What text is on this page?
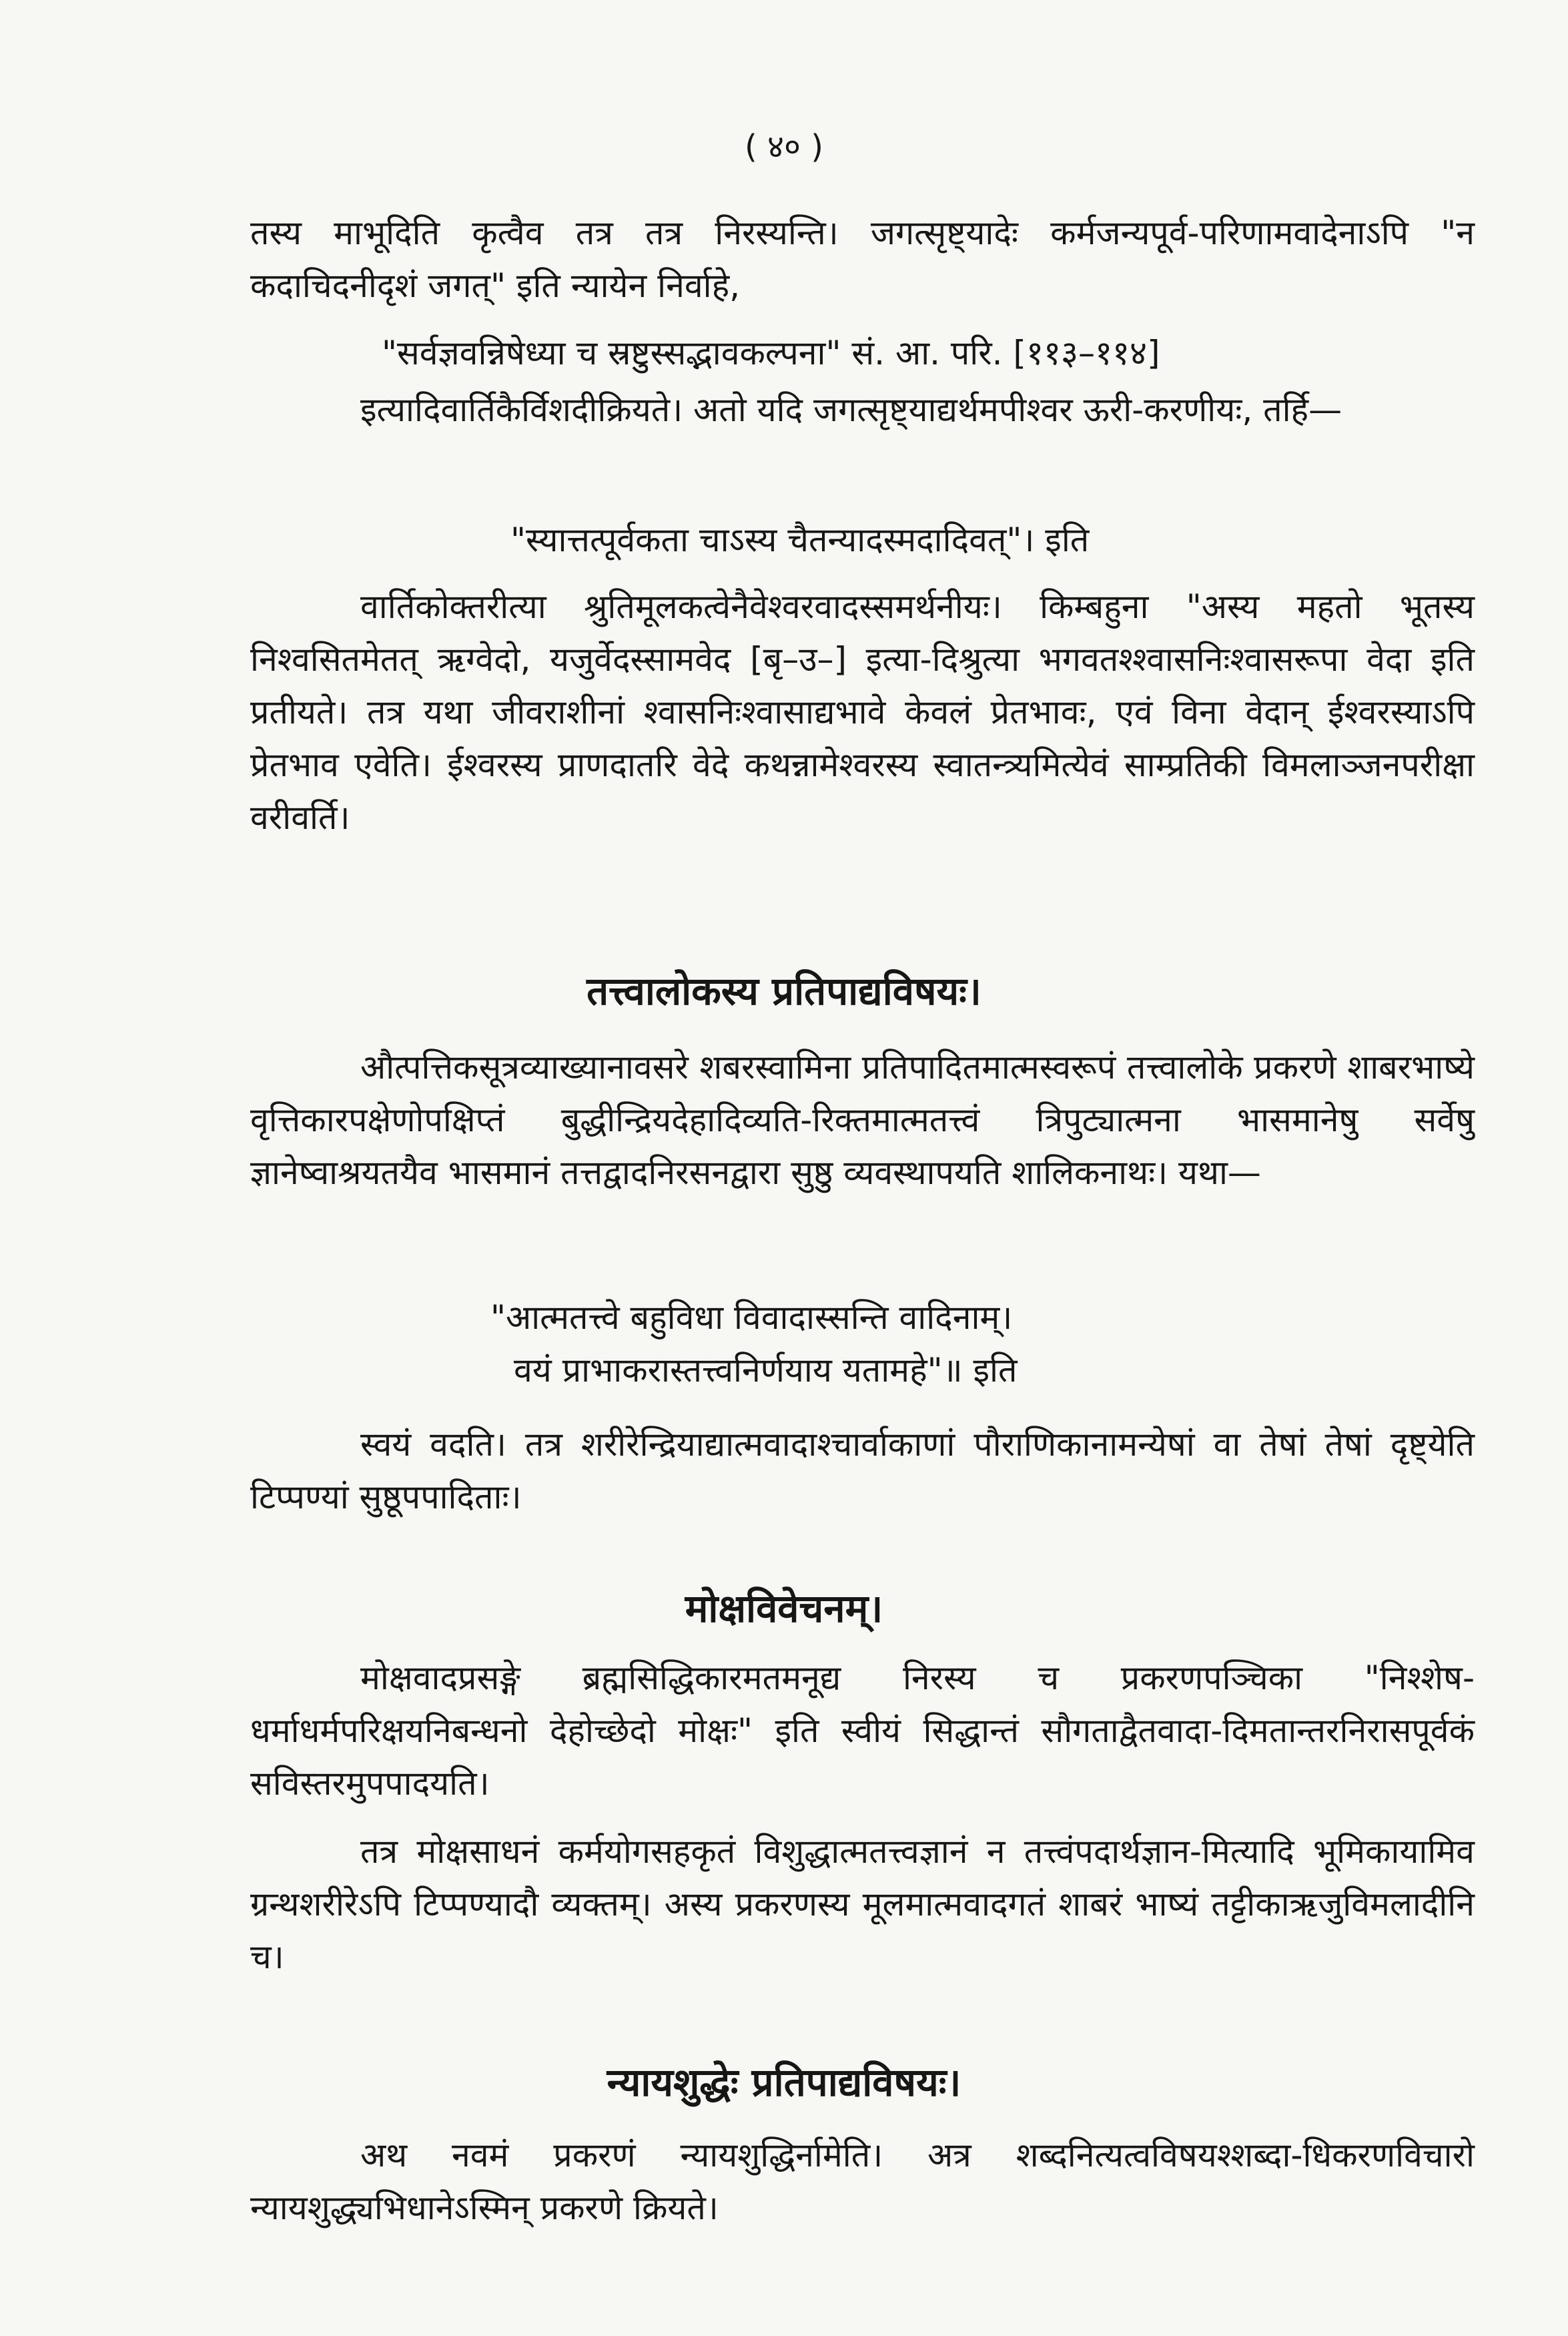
( ४० )

तस्य माभूदिति कृत्वैव तत्र तत्र निरस्यन्ति। जगत्सृष्ट्यादेः कर्मजन्यपूर्व-परिणामवादेनाऽपि "न कदाचिदनीदृशं जगत्" इति न्यायेन निर्वाहे,

"सर्वज्ञवन्निषेध्या च स्रष्टुस्सद्भावकल्पना" सं. आ. परि. [११३–११४]

इत्यादिवार्तिकैर्विशदीक्रियते। अतो यदि जगत्सृष्ट्याद्यर्थमपीश्वर ऊरी-करणीयः, तर्हि—

"स्यात्तत्पूर्वकता चाऽस्य चैतन्यादस्मदादिवत्"। इति

वार्तिकोक्तरीत्या श्रुतिमूलकत्वेनैवेश्वरवादस्समर्थनीयः। किम्बहुना "अस्य महतो भूतस्य निश्वसितमेतत् ऋग्वेदो, यजुर्वेदस्सामवेद [बृ–उ–] इत्या-दिश्रुत्या भगवतश्श्वासनिःश्वासरूपा वेदा इति प्रतीयते। तत्र यथा जीवराशीनां श्वासनिःश्वासाद्यभावे केवलं प्रेतभावः, एवं विना वेदान् ईश्वरस्याऽपि प्रेतभाव एवेति। ईश्वरस्य प्राणदातरि वेदे कथन्नामेश्वरस्य स्वातन्त्र्यमित्येवं साम्प्रतिकी विमलाञ्जनपरीक्षा वरीवर्ति।

तत्त्वालोकस्य प्रतिपाद्यविषयः।

औत्पत्तिकसूत्रव्याख्यानावसरे शबरस्वामिना प्रतिपादितमात्मस्वरूपं तत्त्वालोके प्रकरणे शाबरभाष्ये वृत्तिकारपक्षेणोपक्षिप्तं बुद्धीन्द्रियदेहादिव्यति-रिक्तमात्मतत्त्वं त्रिपुट्यात्मना भासमानेषु सर्वेषु ज्ञानेष्वाश्रयतयैव भासमानं तत्तद्वादनिरसनद्वारा सुष्ठु व्यवस्थापयति शालिकनाथः। यथा—

"आत्मतत्त्वे बहुविधा विवादास्सन्ति वादिनाम्।
वयं प्राभाकरास्तत्त्वनिर्णयाय यतामहे"॥ इति

स्वयं वदति। तत्र शरीरेन्द्रियाद्यात्मवादाश्चार्वाकाणां पौराणिकानामन्येषां वा तेषां तेषां दृष्ट्येति टिप्पण्यां सुष्ठूपपादिताः।

मोक्षविवेचनम्।

मोक्षवादप्रसङ्गे ब्रह्मसिद्धिकारमतमनूद्य निरस्य च प्रकरणपञ्चिका "निश्शेष-धर्माधर्मपरिक्षयनिबन्धनो देहोच्छेदो मोक्षः" इति स्वीयं सिद्धान्तं सौगताद्वैतवादा-दिमतान्तरनिरासपूर्वकं सविस्तरमुपपादयति।

तत्र मोक्षसाधनं कर्मयोगसहकृतं विशुद्धात्मतत्त्वज्ञानं न तत्त्वंपदार्थज्ञान-मित्यादि भूमिकायामिव ग्रन्थशरीरेऽपि टिप्पण्यादौ व्यक्तम्। अस्य प्रकरणस्य मूलमात्मवादगतं शाबरं भाष्यं तट्टीकाऋजुविमलादीनि च।

न्यायशुद्धेः प्रतिपाद्यविषयः।

अथ नवमं प्रकरणं न्यायशुद्धिर्नामेति। अत्र शब्दनित्यत्वविषयश्शब्दा-धिकरणविचारो न्यायशुद्ध्यभिधानेऽस्मिन् प्रकरणे क्रियते।
